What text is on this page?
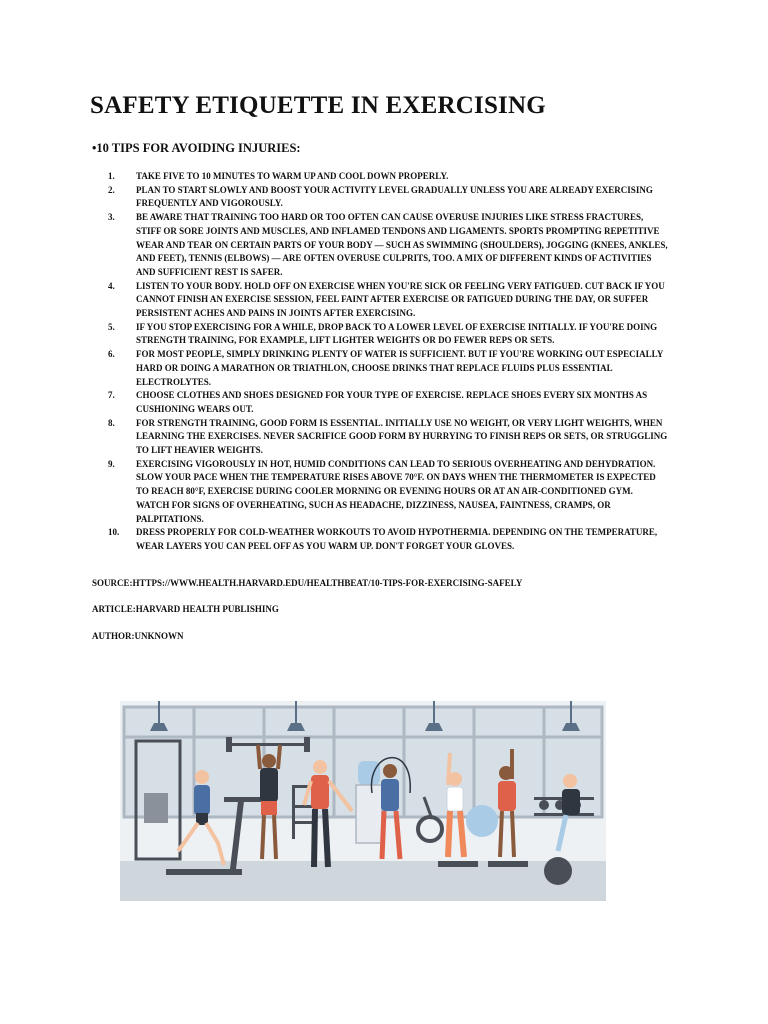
SAFETY ETIQUETTE IN EXERCISING

•10 TIPS FOR AVOIDING INJURIES:

1.	TAKE FIVE TO 10 MINUTES TO WARM UP AND COOL DOWN PROPERLY.
2.	PLAN TO START SLOWLY AND BOOST YOUR ACTIVITY LEVEL GRADUALLY UNLESS YOU ARE ALREADY EXERCISING FREQUENTLY AND VIGOROUSLY.
3.	BE AWARE THAT TRAINING TOO HARD OR TOO OFTEN CAN CAUSE OVERUSE INJURIES LIKE STRESS FRACTURES, STIFF OR SORE JOINTS AND MUSCLES, AND INFLAMED TENDONS AND LIGAMENTS. SPORTS PROMPTING REPETITIVE WEAR AND TEAR ON CERTAIN PARTS OF YOUR BODY — SUCH AS SWIMMING (SHOULDERS), JOGGING (KNEES, ANKLES, AND FEET), TENNIS (ELBOWS) — ARE OFTEN OVERUSE CULPRITS, TOO. A MIX OF DIFFERENT KINDS OF ACTIVITIES AND SUFFICIENT REST IS SAFER.
4.	LISTEN TO YOUR BODY. HOLD OFF ON EXERCISE WHEN YOU'RE SICK OR FEELING VERY FATIGUED. CUT BACK IF YOU CANNOT FINISH AN EXERCISE SESSION, FEEL FAINT AFTER EXERCISE OR FATIGUED DURING THE DAY, OR SUFFER PERSISTENT ACHES AND PAINS IN JOINTS AFTER EXERCISING.
5.	IF YOU STOP EXERCISING FOR A WHILE, DROP BACK TO A LOWER LEVEL OF EXERCISE INITIALLY. IF YOU'RE DOING STRENGTH TRAINING, FOR EXAMPLE, LIFT LIGHTER WEIGHTS OR DO FEWER REPS OR SETS.
6.	FOR MOST PEOPLE, SIMPLY DRINKING PLENTY OF WATER IS SUFFICIENT. BUT IF YOU'RE WORKING OUT ESPECIALLY HARD OR DOING A MARATHON OR TRIATHLON, CHOOSE DRINKS THAT REPLACE FLUIDS PLUS ESSENTIAL ELECTROLYTES.
7.	CHOOSE CLOTHES AND SHOES DESIGNED FOR YOUR TYPE OF EXERCISE. REPLACE SHOES EVERY SIX MONTHS AS CUSHIONING WEARS OUT.
8.	FOR STRENGTH TRAINING, GOOD FORM IS ESSENTIAL. INITIALLY USE NO WEIGHT, OR VERY LIGHT WEIGHTS, WHEN LEARNING THE EXERCISES. NEVER SACRIFICE GOOD FORM BY HURRYING TO FINISH REPS OR SETS, OR STRUGGLING TO LIFT HEAVIER WEIGHTS.
9.	EXERCISING VIGOROUSLY IN HOT, HUMID CONDITIONS CAN LEAD TO SERIOUS OVERHEATING AND DEHYDRATION. SLOW YOUR PACE WHEN THE TEMPERATURE RISES ABOVE 70°F. ON DAYS WHEN THE THERMOMETER IS EXPECTED TO REACH 80°F, EXERCISE DURING COOLER MORNING OR EVENING HOURS OR AT AN AIR-CONDITIONED GYM. WATCH FOR SIGNS OF OVERHEATING, SUCH AS HEADACHE, DIZZINESS, NAUSEA, FAINTNESS, CRAMPS, OR PALPITATIONS.
10.	DRESS PROPERLY FOR COLD-WEATHER WORKOUTS TO AVOID HYPOTHERMIA. DEPENDING ON THE TEMPERATURE, WEAR LAYERS YOU CAN PEEL OFF AS YOU WARM UP. DON'T FORGET YOUR GLOVES.

SOURCE:HTTPS://WWW.HEALTH.HARVARD.EDU/HEALTHBEAT/10-TIPS-FOR-EXERCISING-SAFELY

ARTICLE:HARVARD HEALTH PUBLISHING

AUTHOR:UNKNOWN
